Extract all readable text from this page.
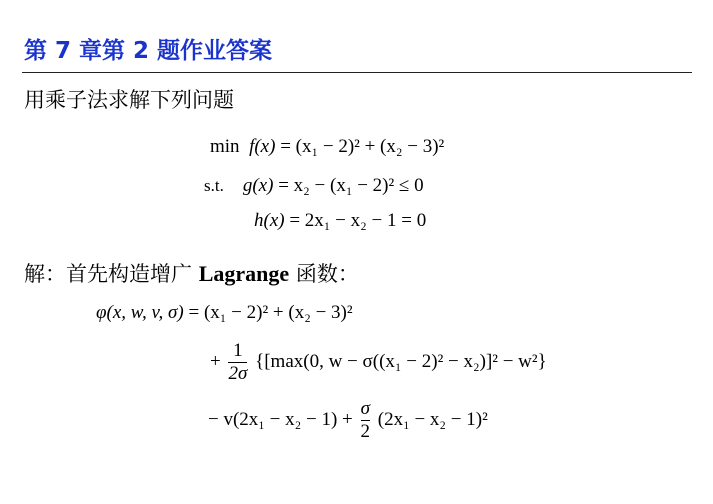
第 7 章第 2 题作业答案

用乘子法求解下列问题

min f(x) = (x₁ − 2)² + (x₂ − 3)²
s.t. g(x) = x₂ − (x₁ − 2)² ≤ 0
h(x) = 2x₁ − x₂ − 1 = 0

解：首先构造增广 Lagrange 函数：

φ(x, w, v, σ) = (x₁ − 2)² + (x₂ − 3)²
+ $\frac{1}{2\sigma} \{[\max(0$, w − σ((x₁ − 2)² − x₂)]² − w²}
− $v(2x_1 - x_2 - 1) + \frac{\sigma}{2} (2x_1 - x_2 - 1)^2$
